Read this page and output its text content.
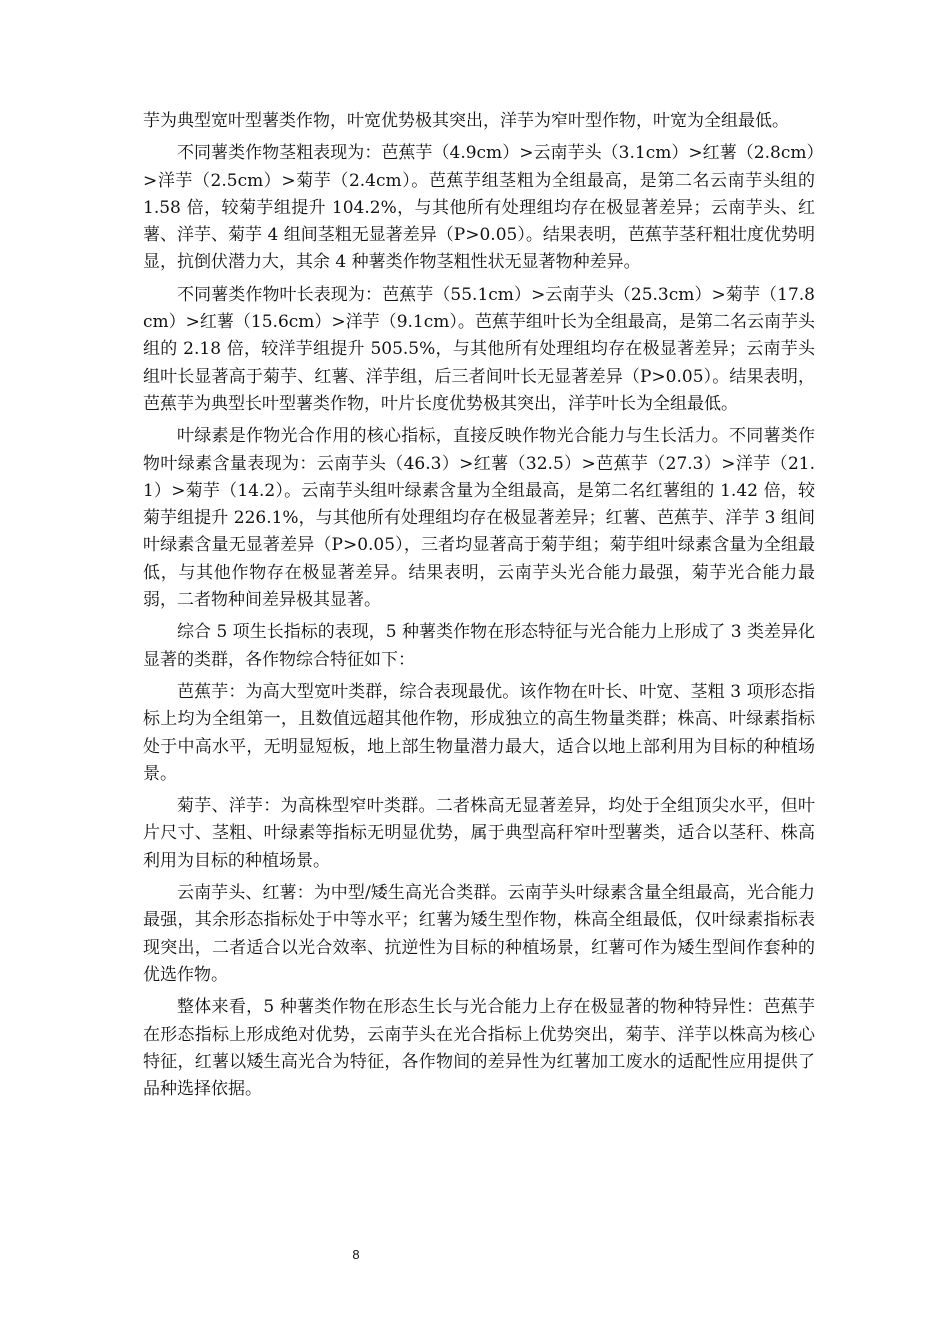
芋为典型宽叶型薯类作物，叶宽优势极其突出，洋芋为窄叶型作物，叶宽为全组最低。

不同薯类作物茎粗表现为：芭蕉芋（4.9cm）>云南芋头（3.1cm）>红薯（2.8cm）>洋芋（2.5cm）>菊芋（2.4cm）。芭蕉芋组茎粗为全组最高，是第二名云南芋头组的 1.58 倍，较菊芋组提升 104.2%，与其他所有处理组均存在极显著差异；云南芋头、红薯、洋芋、菊芋 4 组间茎粗无显著差异（P>0.05）。结果表明，芭蕉芋茎秆粗壮度优势明显，抗倒伏潜力大，其余 4 种薯类作物茎粗性状无显著物种差异。

不同薯类作物叶长表现为：芭蕉芋（55.1cm）>云南芋头（25.3cm）>菊芋（17.8cm）>红薯（15.6cm）>洋芋（9.1cm）。芭蕉芋组叶长为全组最高，是第二名云南芋头组的 2.18 倍，较洋芋组提升 505.5%，与其他所有处理组均存在极显著差异；云南芋头组叶长显著高于菊芋、红薯、洋芋组，后三者间叶长无显著差异（P>0.05）。结果表明，芭蕉芋为典型长叶型薯类作物，叶片长度优势极其突出，洋芋叶长为全组最低。

叶绿素是作物光合作用的核心指标，直接反映作物光合能力与生长活力。不同薯类作物叶绿素含量表现为：云南芋头（46.3）>红薯（32.5）>芭蕉芋（27.3）>洋芋（21.1）>菊芋（14.2）。云南芋头组叶绿素含量为全组最高，是第二名红薯组的 1.42 倍，较菊芋组提升 226.1%，与其他所有处理组均存在极显著差异；红薯、芭蕉芋、洋芋 3 组间叶绿素含量无显著差异（P>0.05），三者均显著高于菊芋组；菊芋组叶绿素含量为全组最低，与其他作物存在极显著差异。结果表明，云南芋头光合能力最强，菊芋光合能力最弱，二者物种间差异极其显著。

综合 5 项生长指标的表现，5 种薯类作物在形态特征与光合能力上形成了 3 类差异化显著的类群，各作物综合特征如下：

芭蕉芋：为高大型宽叶类群，综合表现最优。该作物在叶长、叶宽、茎粗 3 项形态指标上均为全组第一，且数值远超其他作物，形成独立的高生物量类群；株高、叶绿素指标处于中高水平，无明显短板，地上部生物量潜力最大，适合以地上部利用为目标的种植场景。

菊芋、洋芋：为高株型窄叶类群。二者株高无显著差异，均处于全组顶尖水平，但叶片尺寸、茎粗、叶绿素等指标无明显优势，属于典型高秆窄叶型薯类，适合以茎秆、株高利用为目标的种植场景。

云南芋头、红薯：为中型/矮生高光合类群。云南芋头叶绿素含量全组最高，光合能力最强，其余形态指标处于中等水平；红薯为矮生型作物，株高全组最低，仅叶绿素指标表现突出，二者适合以光合效率、抗逆性为目标的种植场景，红薯可作为矮生型间作套种的优选作物。

整体来看，5 种薯类作物在形态生长与光合能力上存在极显著的物种特异性：芭蕉芋在形态指标上形成绝对优势，云南芋头在光合指标上优势突出，菊芋、洋芋以株高为核心特征，红薯以矮生高光合为特征，各作物间的差异性为红薯加工废水的适配性应用提供了品种选择依据。

8
